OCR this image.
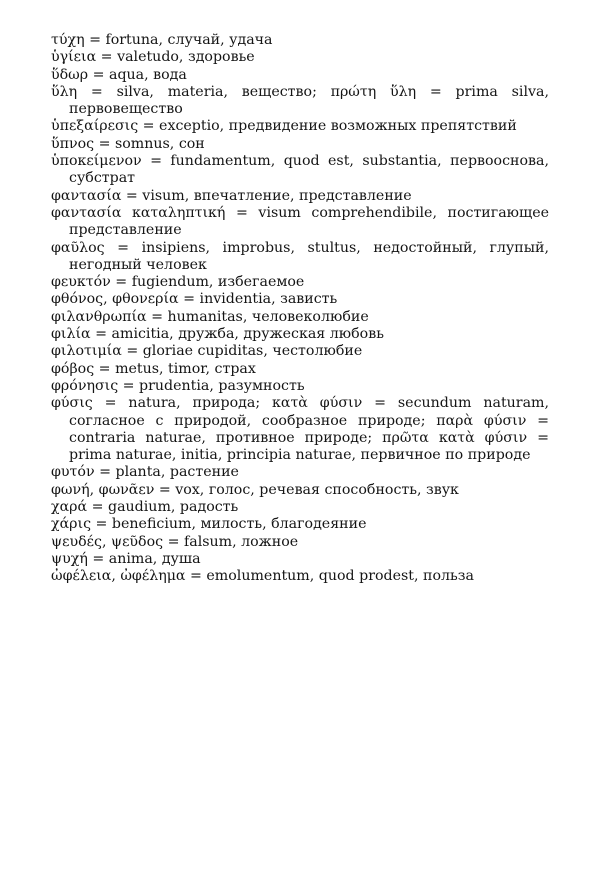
τύχη = fortuna, случай, удача
ὑγίεια = valetudo, здоровье
ὕδωρ = aqua, вода
ὕλη = silva, materia, вещество; πρώτη ὕλη = prima silva, первовещество
ὑπεξαίρεσις = exceptio, предвидение возможных препятствий
ὕπνος = somnus, сон
ὑποκείμενον = fundamentum, quod est, substantia, первооснова, субстрат
φαντασία = visum, впечатление, представление
φαντασία καταληπτική = visum comprehendibile, постигающее представление
φαῦλος = insipiens, improbus, stultus, недостойный, глупый, негодный человек
φευκτόν = fugiendum, избегаемое
φθόνος, φθονερία = invidentia, зависть
φιλανθρωπία = humanitas, человеколюбие
φιλία = amicitia, дружба, дружеская любовь
φιλοτιμία = gloriae cupiditas, честолюбие
φόβος = metus, timor, страх
φρόνησις = prudentia, разумность
φύσις = natura, природа; κατὰ φύσιν = secundum naturam, согласное с природой, сообразное природе; παρὰ φύσιν = contraria naturae, противное природе; πρῶτα κατὰ φύσιν = prima naturae, initia, principia naturae, первичное по природе
φυτόν = planta, растение
φωνή, φωνᾶεν = vox, голос, речевая способность, звук
χαρά = gaudium, радость
χάρις = beneficium, милость, благодеяние
ψευδές, ψεῦδος = falsum, ложное
ψυχή = anima, душа
ὠφέλεια, ὠφέλημα = emolumentum, quod prodest, польза
